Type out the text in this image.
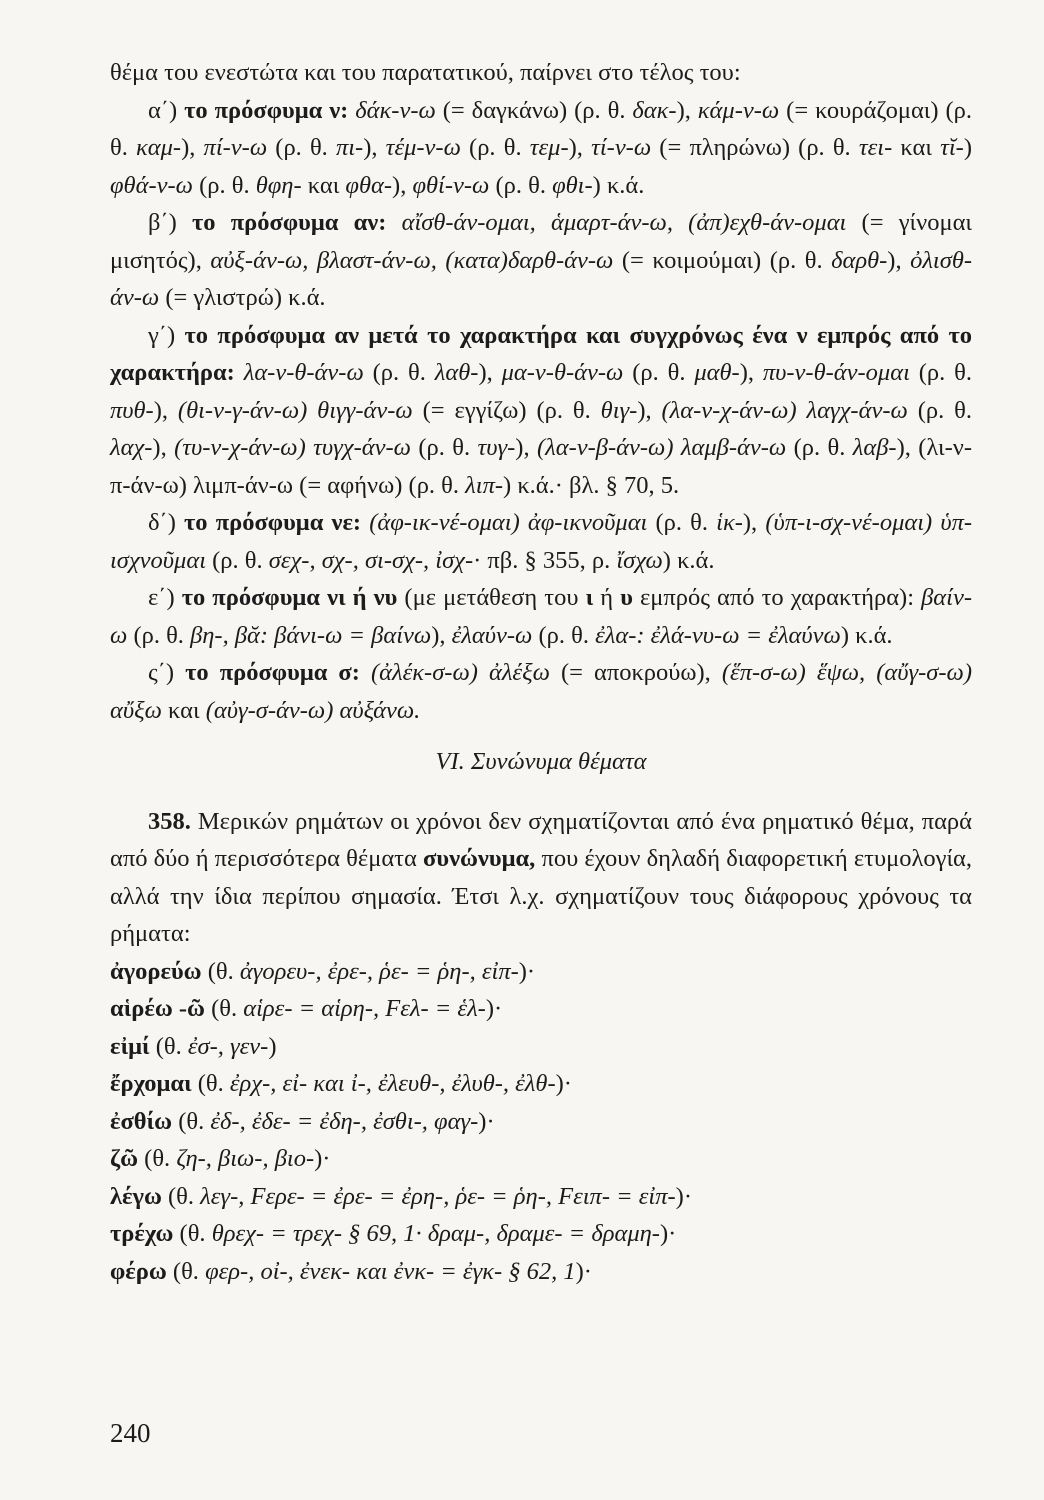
θέμα του ενεστώτα και του παρατατικού, παίρνει στο τέλος του:

α΄) το πρόσφυμα ν: δάκ-ν-ω (= δαγκάνω) (ρ. θ. δακ-), κάμ-ν-ω (= κουράζομαι) (ρ. θ. καμ-), πί-ν-ω (ρ. θ. πι-), τέμ-ν-ω (ρ. θ. τεμ-), τί-ν-ω (= πληρώνω) (ρ. θ. τει- και τῐ-) φθά-ν-ω (ρ. θ. θφη- και φθα-), φθί-ν-ω (ρ. θ. φθι-) κ.ά.

β΄) το πρόσφυμα αν: αἴσθ-άν-ομαι, ἁμαρτ-άν-ω, (ἀπ)εχθ-άν-ομαι (= γίνομαι μισητός), αὐξ-άν-ω, βλαστ-άν-ω, (κατα)δαρθ-άν-ω (= κοιμούμαι) (ρ. θ. δαρθ-), ὀλισθ-άν-ω (= γλιστρώ) κ.ά.

γ΄) το πρόσφυμα αν μετά το χαρακτήρα και συγχρόνως ένα ν εμπρός από το χαρακτήρα: λα-ν-θ-άν-ω (ρ. θ. λαθ-), μα-ν-θ-άν-ω (ρ. θ. μαθ-), πυ-ν-θ-άν-ομαι (ρ. θ. πυθ-), (θι-ν-γ-άν-ω) θιγγ-άν-ω (= εγγίζω) (ρ. θ. θιγ-), (λα-ν-χ-άν-ω) λαγχ-άν-ω (ρ. θ. λαχ-), (τυ-ν-χ-άν-ω) τυγχ-άν-ω (ρ. θ. τυγ-), (λα-ν-β-άν-ω) λαμβ-άν-ω (ρ. θ. λαβ-), (λι-ν-π-άν-ω) λιμπ-άν-ω (= αφήνω) (ρ. θ. λιπ-) κ.ά.· βλ. § 70, 5.

δ΄) το πρόσφυμα νε: (ἀφ-ικ-νέ-ομαι) ἀφ-ικνοῦμαι (ρ. θ. ἱκ-), (ὑπ-ι-σχ-νέ-ομαι) ὑπ-ισχνοῦμαι (ρ. θ. σεχ-, σχ-, σι-σχ-, ἰσχ-· πβ. § 355, ρ. ἴσχω) κ.ά.

ε΄) το πρόσφυμα νι ή νυ (με μετάθεση του ι ή υ εμπρός από το χαρακτήρα): βαίν-ω (ρ. θ. βη-, βᾰ: βάνι-ω = βαίνω), ἐλαύν-ω (ρ. θ. ἐλα-: ἐλά-νυ-ω = ἐλαύνω) κ.ά.

ς΄) το πρόσφυμα σ: (ἀλέκ-σ-ω) ἀλέξω (= αποκρούω), (ἕπ-σ-ω) ἕψω, (αὔγ-σ-ω) αὔξω και (αὐγ-σ-άν-ω) αὐξάνω.

VI. Συνώνυμα θέματα

358. Μερικών ρημάτων οι χρόνοι δεν σχηματίζονται από ένα ρηματικό θέμα, παρά από δύο ή περισσότερα θέματα συνώνυμα, που έχουν δηλαδή διαφορετική ετυμολογία, αλλά την ίδια περίπου σημασία. Έτσι λ.χ. σχηματίζουν τους διάφορους χρόνους τα ρήματα:

ἀγορεύω (θ. ἀγορευ-, ἐρε-, ῥε- = ῥη-, εἰπ-)·

αἱρέω -ῶ (θ. αἱρε- = αἱρη-, Fελ- = ἑλ-)·

εἰμί (θ. ἐσ-, γεν-)

ἔρχομαι (θ. ἐρχ-, εἰ- και ἰ-, ἐλευθ-, ἐλυθ-, ἐλθ-)·

ἐσθίω (θ. ἐδ-, ἐδε- = ἐδη-, ἐσθι-, φαγ-)·

ζῶ (θ. ζη-, βιω-, βιο-)·

λέγω (θ. λεγ-, Fερε- = ἐρε- = ἐρη-, ῥε- = ῥη-, Fειπ- = εἰπ-)·

τρέχω (θ. θρεχ- = τρεχ- § 69, 1· δραμ-, δραμε- = δραμη-)·

φέρω (θ. φερ-, οἰ-, ἐνεκ- και ἐνκ- = ἐγκ- § 62, 1)·

240
